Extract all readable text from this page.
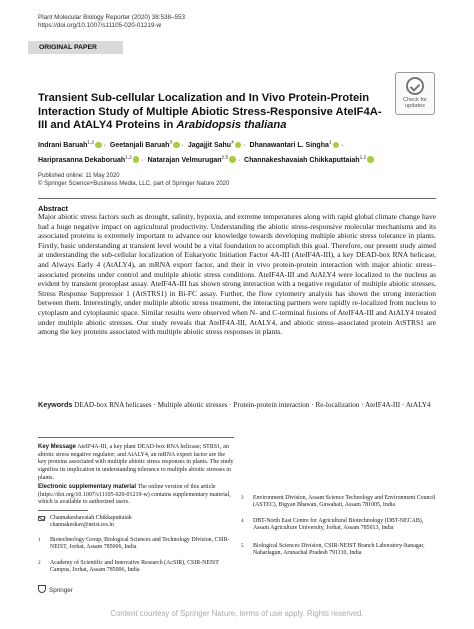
Plant Molecular Biology Reporter (2020) 38:538–553
https://doi.org/10.1007/s11105-020-01219-w
ORIGINAL PAPER
Check for
updates
Transient Sub-cellular Localization and In Vivo Protein-Protein Interaction Study of Multiple Abiotic Stress-Responsive AteIF4A-III and AtALY4 Proteins in Arabidopsis thaliana
Indrani Baruah$^{1,2}$ · Geetanjali Baruah$^3$ · Jagajjit Sahu$^4$ · Dhanawantari L. Singha$^1$ · Hariprasanna Dekaboruah$^{1,2}$ · Natarajan Velmurugan$^{2,5}$ · Channakeshavaiah Chikkaputtaiah$^{1,2}$
Published online: 11 May 2020
© Springer Science+Business Media, LLC, part of Springer Nature 2020
Abstract
Major abiotic stress factors such as drought, salinity, hypoxia, and extreme temperatures along with rapid global climate change have had a huge negative impact on agricultural productivity. Understanding the abiotic stress-responsive molecular mechanisms and its associated proteins is extremely important to advance our knowledge towards developing multiple abiotic stress tolerance in plants. Firstly, basic understanding at transient level would be a vital foundation to accomplish this goal. Therefore, our present study aimed at understanding the sub-cellular localization of Eukaryotic Initiation Factor 4A-III (AteIF4A-III), a key DEAD-box RNA helicase, and Always Early 4 (AtALY4), an mRNA export factor, and their in vivo protein-protein interaction with major abiotic stress–associated proteins under control and multiple abiotic stress conditions. AteIF4A-III and AtALY4 were localized to the nucleus as evident by transient protoplast assay. AteIF4A-III has shown strong interaction with a negative regulator of multiple abiotic stresses, Stress Response Suppressor 1 (AtSTRS1) in Bi-FC assay. Further, the flow cytometry analysis has shown the strong interaction between them. Interestingly, under multiple abiotic stress treatment, the interacting partners were rapidly re-localized from nucleus to cytoplasm and cytoplasmic space. Similar results were observed when N- and C-terminal fusions of AteIF4A-III and AtALY4 treated under multiple abiotic stresses. Our study reveals that AteIF4A-III, AtALY4, and abiotic stress–associated protein AtSTRS1 are among the key proteins associated with multiple abiotic stress responses in plants.
Keywords DEAD-box RNA helicases · Multiple abiotic stresses · Protein-protein interaction · Re-localization · AteIF4A-III · AtALY4
Key Message AteIF4A-III, a key plant DEAD-box RNA helicase; STRS1, an abiotic stress negative regulator; and AtALY4, an mRNA export factor are the key proteins associated with multiple abiotic stress responses in plants. The study signifies its implication in understanding tolerance to multiple abiotic stresses in plants.
Electronic supplementary material The online version of this article (https://doi.org/10.1007/s11105-020-01219-w) contains supplementary material, which is available to authorized users.
Channakeshavaiah Chikkaputtaiah
channakeshav@neist.res.in
1 Biotechnology Group, Biological Sciences and Technology Division, CSIR-NEIST, Jorhat, Assam 785006, India
2 Academy of Scientific and Innovative Research (AcSIR), CSIR-NEIST Campus, Jorhat, Assam 785006, India
3 Environment Division, Assam Science Technology and Environment Council (ASTEC), Bigyan Bhawan, Guwahati, Assam 781005, India
4 DBT-North East Centre for Agricultural Biotechnology (DBT-NECAB), Assam Agriculture University, Jorhat, Assam 785013, India
5 Biological Sciences Division, CSIR-NEIST Branch Laboratory-Itanagar, Naharlagun, Arunachal Pradesh 791110, India
Springer
Content courtesy of Springer Nature, terms of use apply. Rights reserved.
